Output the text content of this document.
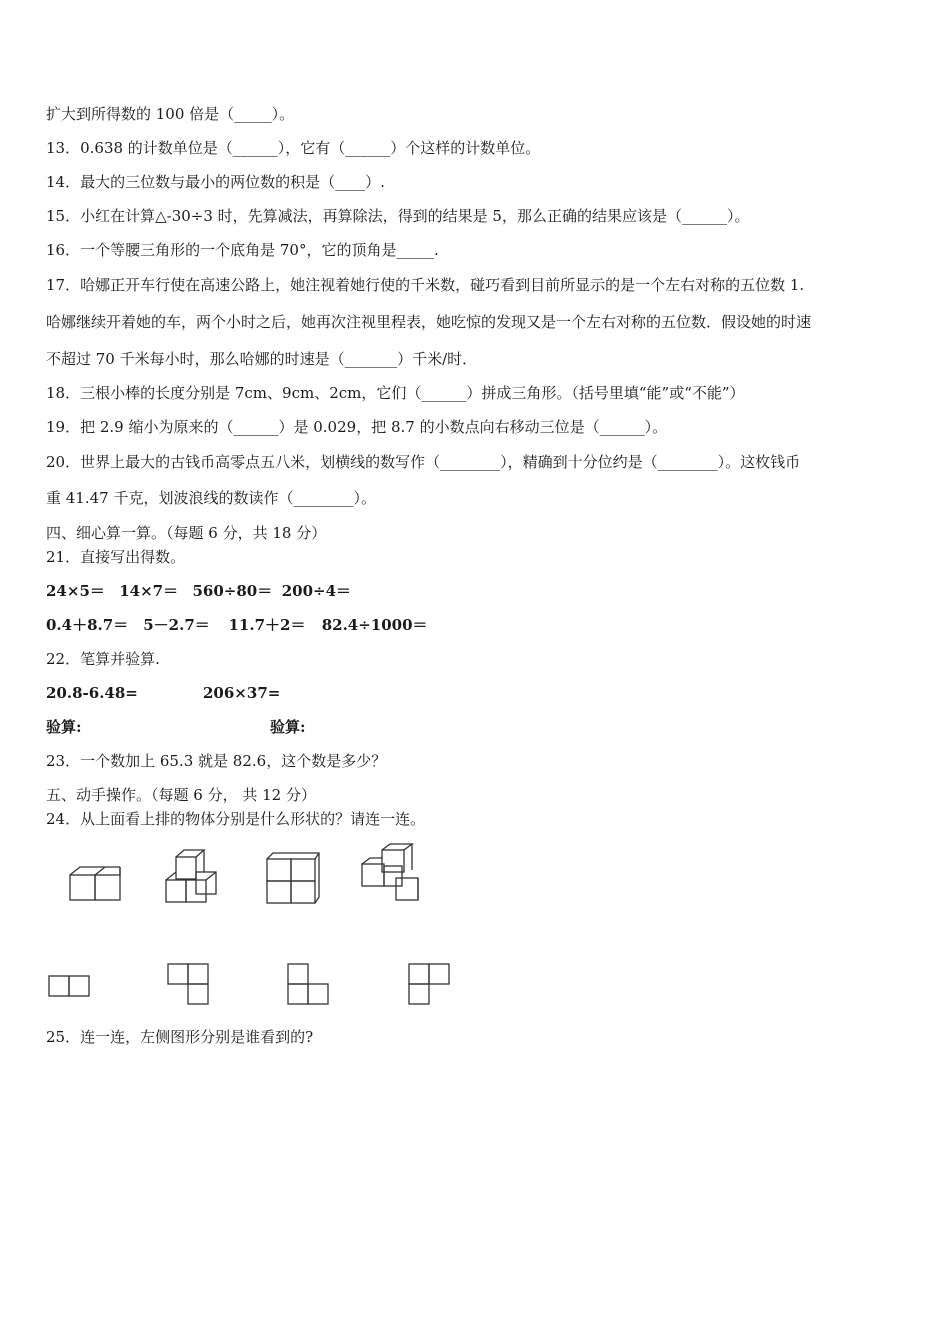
扩大到所得数的 100 倍是（_____）。
13．0.638 的计数单位是（______），它有（______）个这样的计数单位。
14．最大的三位数与最小的两位数的积是（____）.
15．小红在计算△-30÷3 时，先算减法，再算除法，得到的结果是 5，那么正确的结果应该是（______）。
16．一个等腰三角形的一个底角是 70°，它的顶角是_____.
17．哈娜正开车行使在高速公路上，她注视着她行使的千米数，碰巧看到目前所显示的是一个左右对称的五位数 1.
哈娜继续开着她的车，两个小时之后，她再次注视里程表，她吃惊的发现又是一个左右对称的五位数．假设她的时速
不超过 70 千米每小时，那么哈娜的时速是（_______）千米/时．
18．三根小棒的长度分别是 7cm、9cm、2cm，它们（______）拼成三角形。（括号里填“能”或“不能”）
19．把 2.9 缩小为原来的（______）是 0.029，把 8.7 的小数点向右移动三位是（______）。
20．世界上最大的古钱币高零点五八米，划横线的数写作（________），精确到十分位约是（________）。这枚钱币
重 41.47 千克，划波浪线的数读作（________）。
四、细心算一算。（每题 6 分，共 18 分）
21．直接写出得数。
24×5＝ 14×7＝ 560÷80＝ 200÷4＝
0.4＋8.7＝ 5－2.7＝ 11.7＋2＝ 82.4÷1000＝
22．笔算并验算.
20.8-6.48=	206×37=
验算:	验算:
23．一个数加上 65.3 就是 82.6，这个数是多少？
五、动手操作。（每题 6 分， 共 12 分）
24．从上面看上排的物体分别是什么形状的？请连一连。
25．连一连，左侧图形分别是谁看到的?
